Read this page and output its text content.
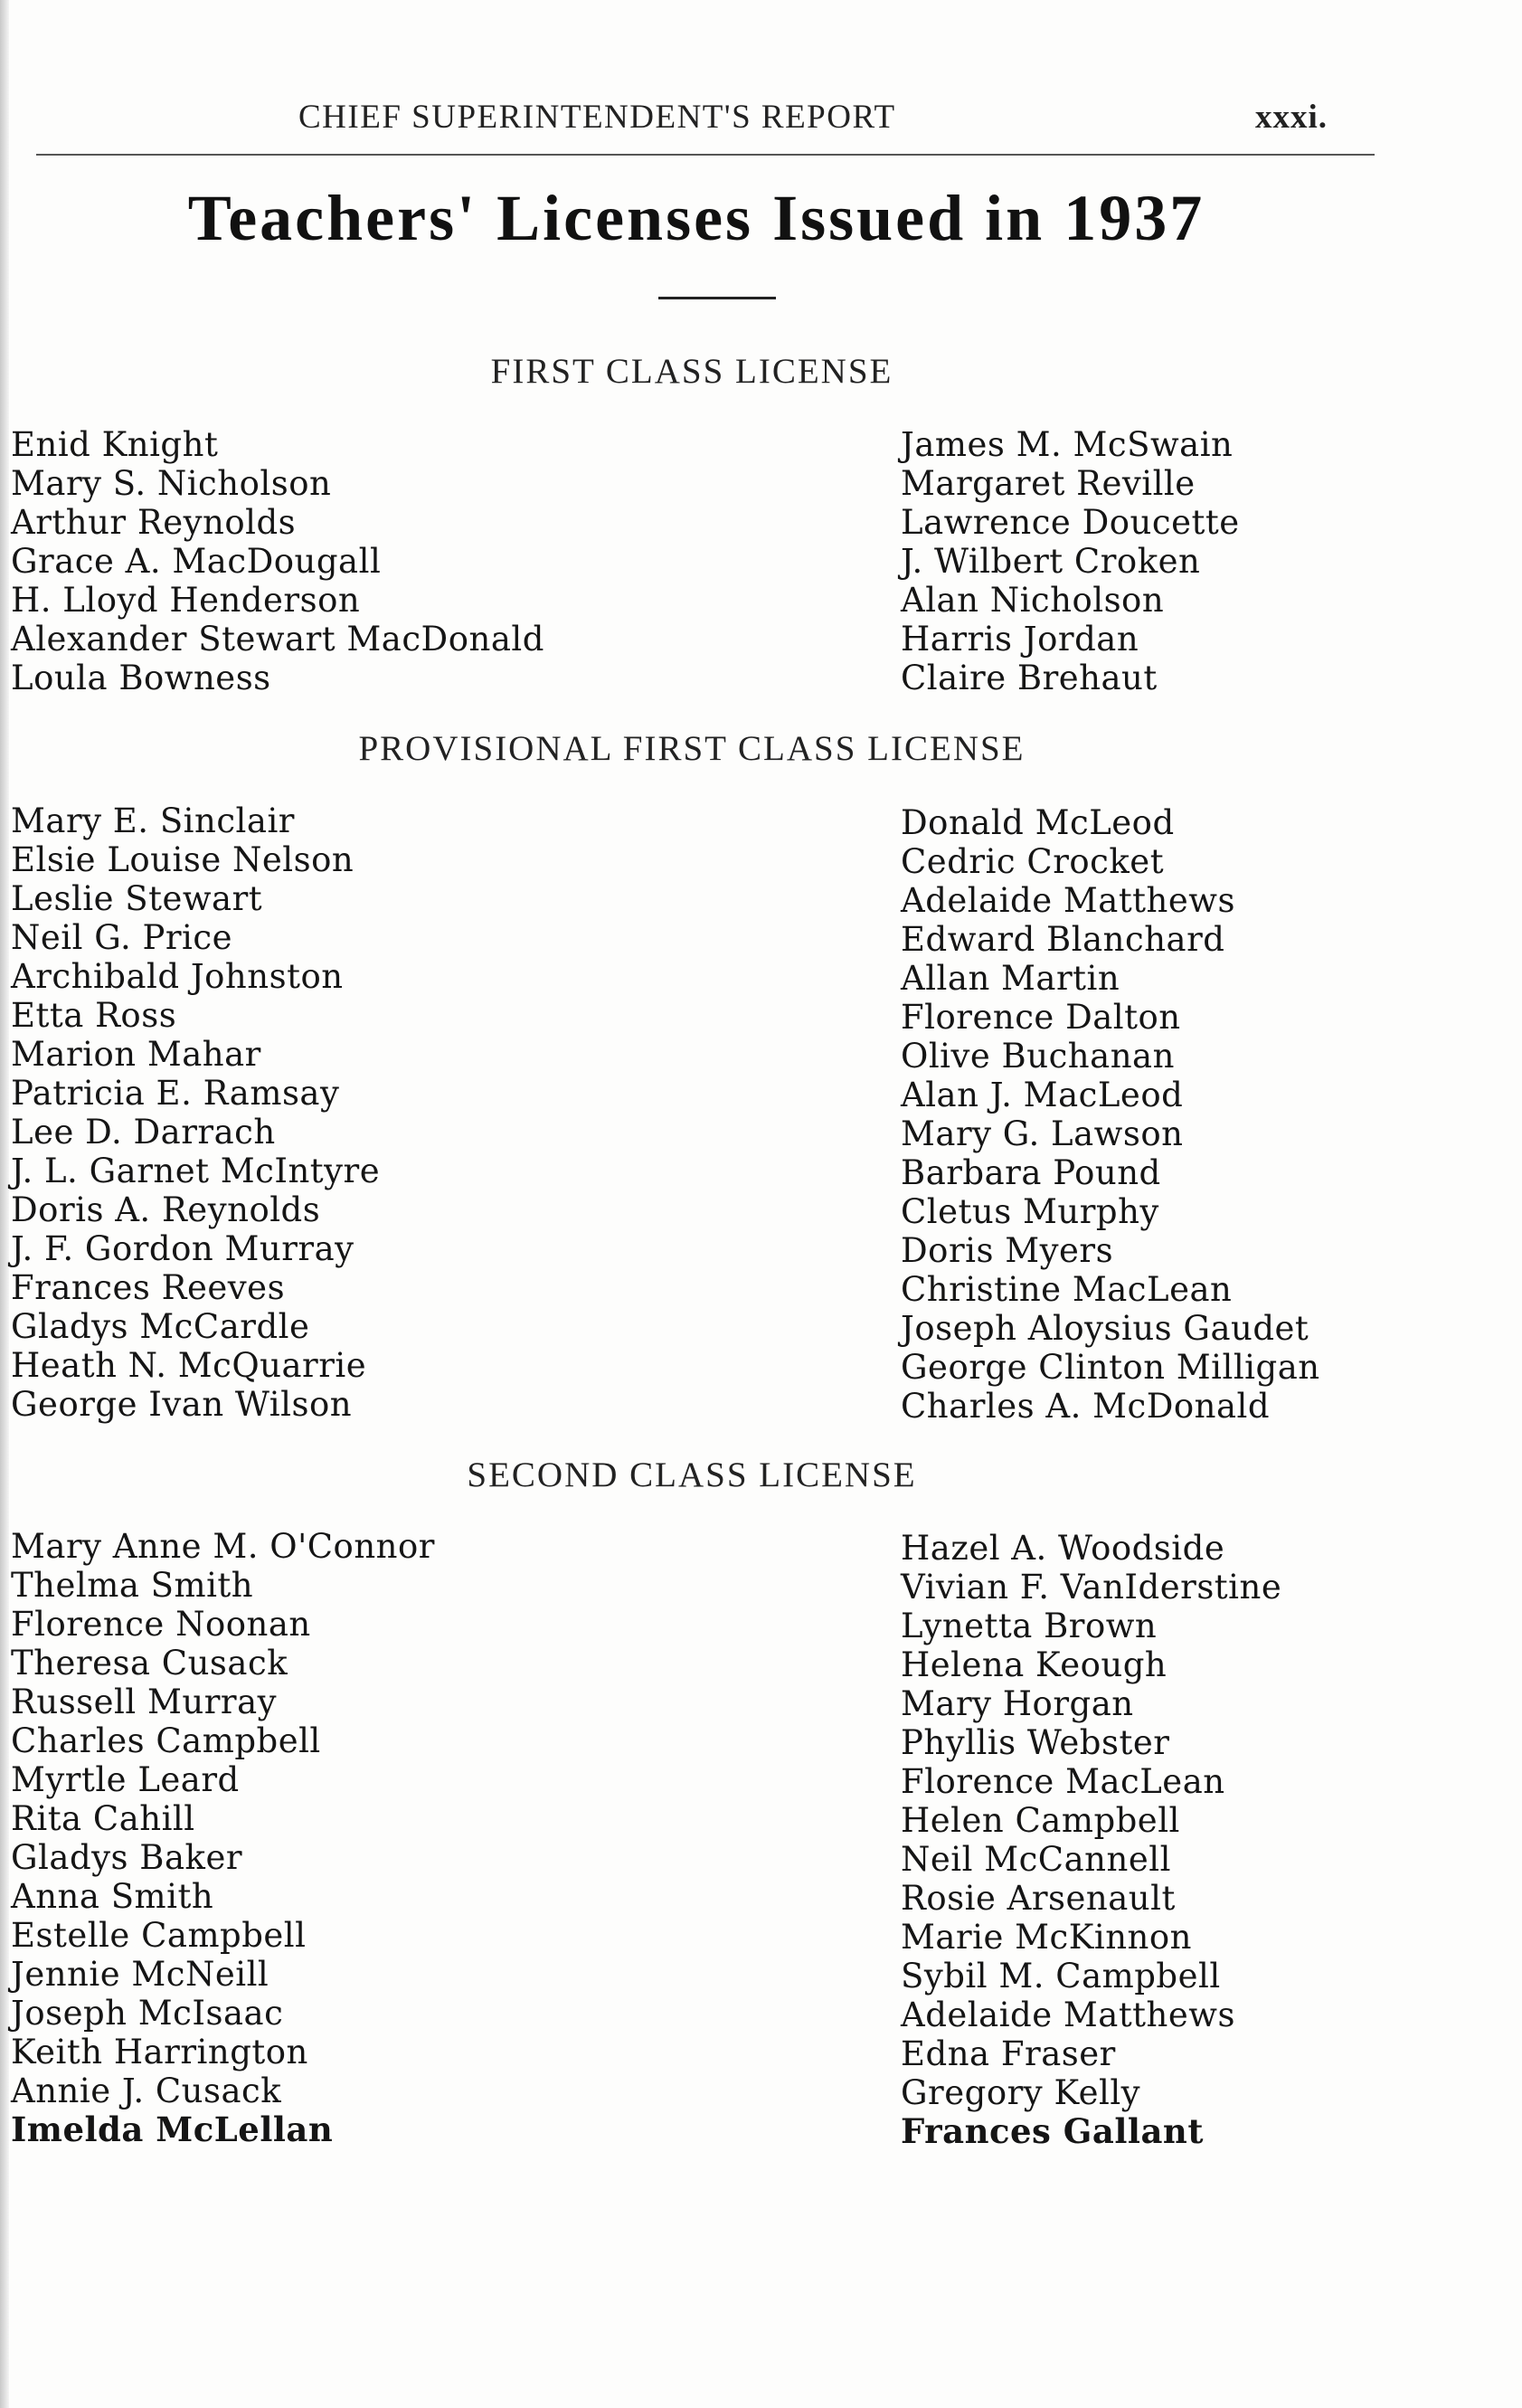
CHIEF SUPERINTENDENT'S REPORT	xxxi.
Teachers' Licenses Issued in 1937
FIRST CLASS LICENSE
Enid Knight
Mary S. Nicholson
Arthur Reynolds
Grace A. MacDougall
H. Lloyd Henderson
Alexander Stewart MacDonald
Loula Bowness
James M. McSwain
Margaret Reville
Lawrence Doucette
J. Wilbert Croken
Alan Nicholson
Harris Jordan
Claire Brehaut
PROVISIONAL FIRST CLASS LICENSE
Mary E. Sinclair
Elsie Louise Nelson
Leslie Stewart
Neil G. Price
Archibald Johnston
Etta Ross
Marion Mahar
Patricia E. Ramsay
Lee D. Darrach
J. L. Garnet McIntyre
Doris A. Reynolds
J. F. Gordon Murray
Frances Reeves
Gladys McCardle
Heath N. McQuarrie
George Ivan Wilson
Donald McLeod
Cedric Crocket
Adelaide Matthews
Edward Blanchard
Allan Martin
Florence Dalton
Olive Buchanan
Alan J. MacLeod
Mary G. Lawson
Barbara Pound
Cletus Murphy
Doris Myers
Christine MacLean
Joseph Aloysius Gaudet
George Clinton Milligan
Charles A. McDonald
SECOND CLASS LICENSE
Mary Anne M. O'Connor
Thelma Smith
Florence Noonan
Theresa Cusack
Russell Murray
Charles Campbell
Myrtle Leard
Rita Cahill
Gladys Baker
Anna Smith
Estelle Campbell
Jennie McNeill
Joseph McIsaac
Keith Harrington
Annie J. Cusack
Imelda McLellan
Hazel A. Woodside
Vivian F. VanIderstine
Lynetta Brown
Helena Keough
Mary Horgan
Phyllis Webster
Florence MacLean
Helen Campbell
Neil McCannell
Rosie Arsenault
Marie McKinnon
Sybil M. Campbell
Adelaide Matthews
Edna Fraser
Gregory Kelly
Frances Gallant
